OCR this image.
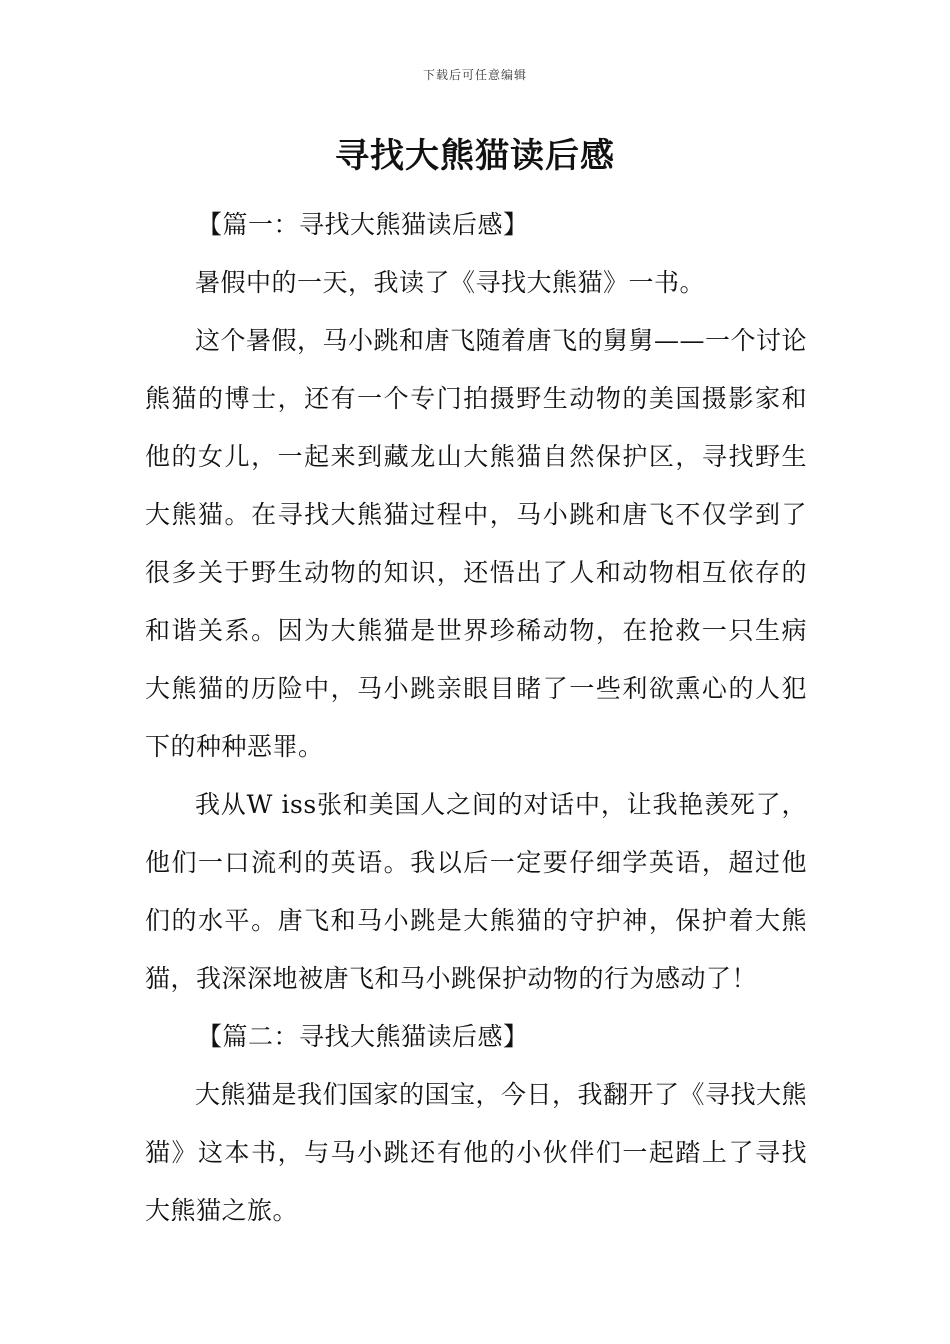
下载后可任意编辑
寻找大熊猫读后感

【篇一：寻找大熊猫读后感】

暑假中的一天，我读了《寻找大熊猫》一书。

这个暑假，马小跳和唐飞随着唐飞的舅舅——一个讨论熊猫的博士，还有一个专门拍摄野生动物的美国摄影家和他的女儿，一起来到藏龙山大熊猫自然保护区，寻找野生大熊猫。在寻找大熊猫过程中，马小跳和唐飞不仅学到了很多关于野生动物的知识，还悟出了人和动物相互依存的和谐关系。因为大熊猫是世界珍稀动物，在抢救一只生病大熊猫的历险中，马小跳亲眼目睹了一些利欲熏心的人犯下的种种恶罪。

我从W iss张和美国人之间的对话中，让我艳羡死了，他们一口流利的英语。我以后一定要仔细学英语，超过他们的水平。唐飞和马小跳是大熊猫的守护神，保护着大熊猫，我深深地被唐飞和马小跳保护动物的行为感动了！

【篇二：寻找大熊猫读后感】

大熊猫是我们国家的国宝，今日，我翻开了《寻找大熊猫》这本书，与马小跳还有他的小伙伴们一起踏上了寻找大熊猫之旅。
